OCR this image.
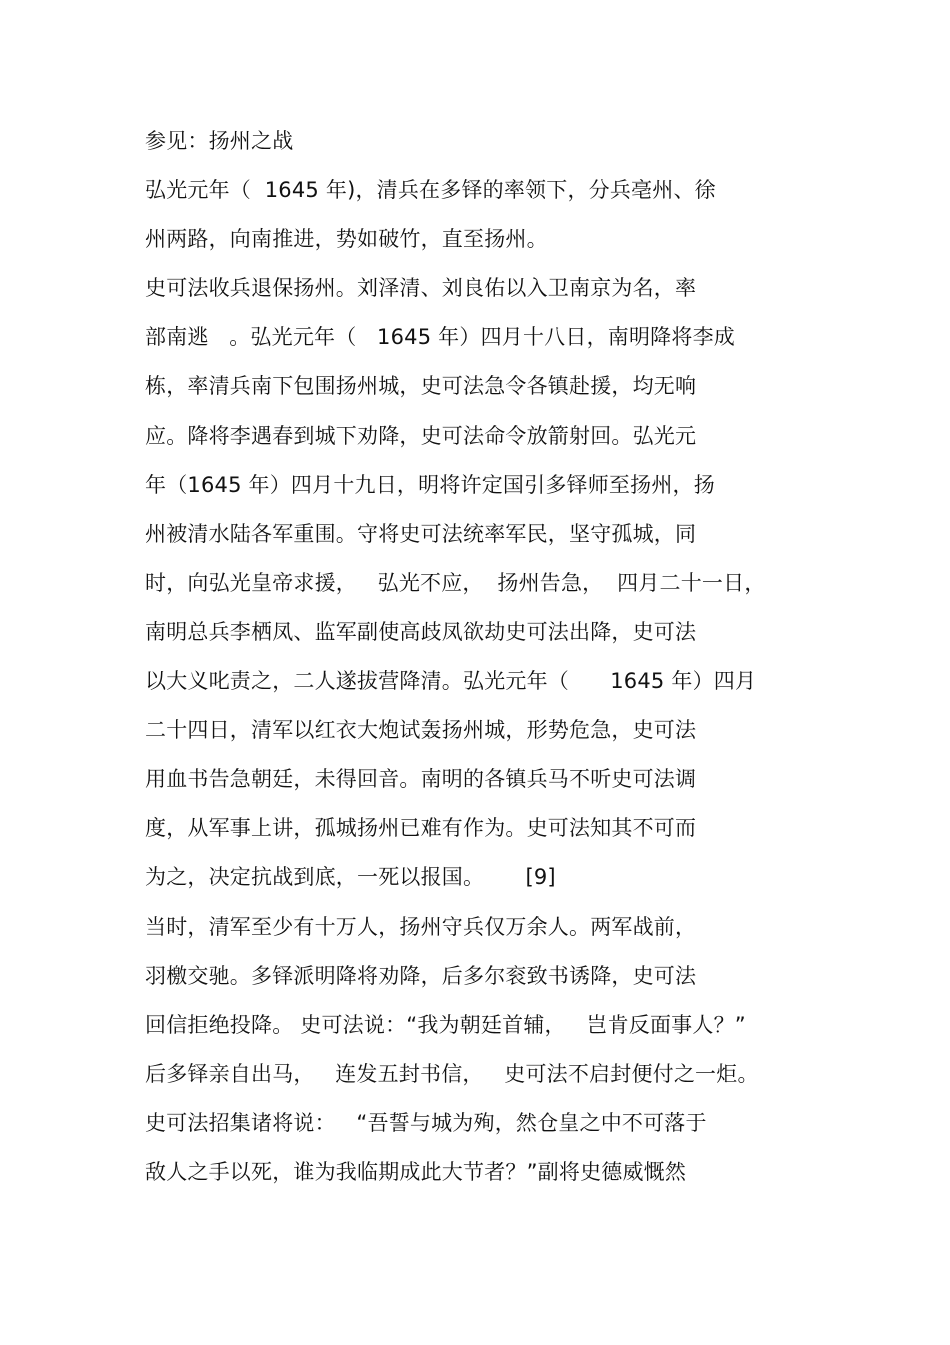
参见：扬州之战
弘光元年（  1645 年)，清兵在多铎的率领下，分兵亳州、徐
州两路，向南推进，势如破竹，直至扬州。
史可法收兵退保扬州。刘泽清、刘良佑以入卫南京为名，率
部南逃   。弘光元年（   1645 年）四月十八日，南明降将李成
栋，率清兵南下包围扬州城，史可法急令各镇赴援，均无响
应。降将李遇春到城下劝降，史可法命令放箭射回。弘光元
年（1645 年）四月十九日，明将许定国引多铎师至扬州，扬
州被清水陆各军重围。守将史可法统率军民，坚守孤城，同
时，向弘光皇帝求援，   弘光不应，  扬州告急，  四月二十一日，
南明总兵李栖凤、监军副使高歧凤欲劫史可法出降，史可法
以大义叱责之，二人遂拔营降清。弘光元年（      1645 年）四月
二十四日，清军以红衣大炮试轰扬州城，形势危急，史可法
用血书告急朝廷，未得回音。南明的各镇兵马不听史可法调
度，从军事上讲，孤城扬州已难有作为。史可法知其不可而
为之，决定抗战到底，一死以报国。      [9]
当时，清军至少有十万人，扬州守兵仅万余人。两军战前，
羽檄交驰。多铎派明降将劝降，后多尔衮致书诱降，史可法
回信拒绝投降。 史可法说：“我为朝廷首辅，   岂肯反面事人？”
后多铎亲自出马，   连发五封书信，   史可法不启封便付之一炬。
史可法招集诸将说：   “吾誓与城为殉，然仓皇之中不可落于
敌人之手以死，谁为我临期成此大节者？”副将史德威慨然
